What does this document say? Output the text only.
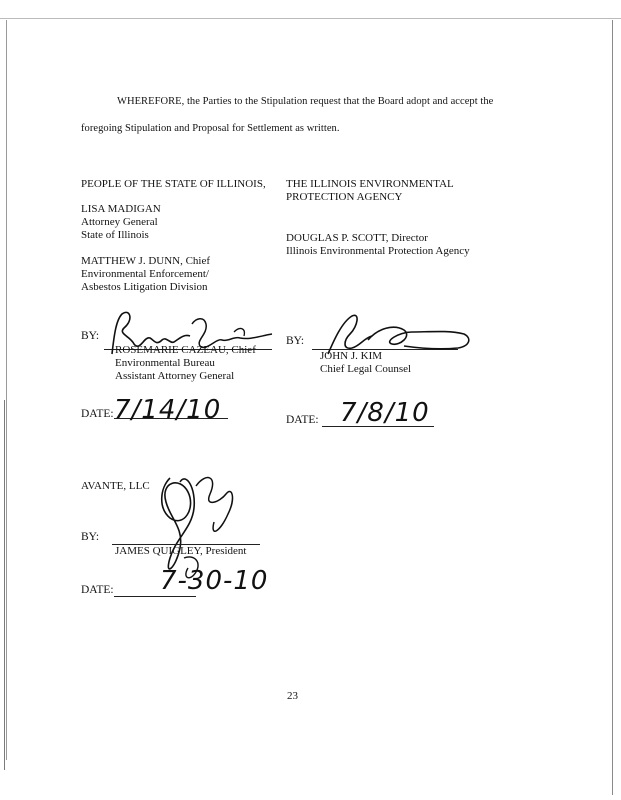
WHEREFORE, the Parties to the Stipulation request that the Board adopt and accept the
foregoing Stipulation and Proposal for Settlement as written.
PEOPLE OF THE STATE OF ILLINOIS,
LISA MADIGAN
Attorney General
State of Illinois
MATTHEW J. DUNN, Chief
Environmental Enforcement/
Asbestos Litigation Division
BY:
ROSEMARIE CAZEAU, Chief
Environmental Bureau
Assistant Attorney General
DATE: 7/14/10
THE ILLINOIS ENVIRONMENTAL
PROTECTION AGENCY
DOUGLAS P. SCOTT, Director
Illinois Environmental Protection Agency
BY:
JOHN J. KIM
Chief Legal Counsel
DATE: 7/8/10
AVANTE, LLC
BY:
JAMES QUIGLEY, President
DATE: 7-30-10
23
